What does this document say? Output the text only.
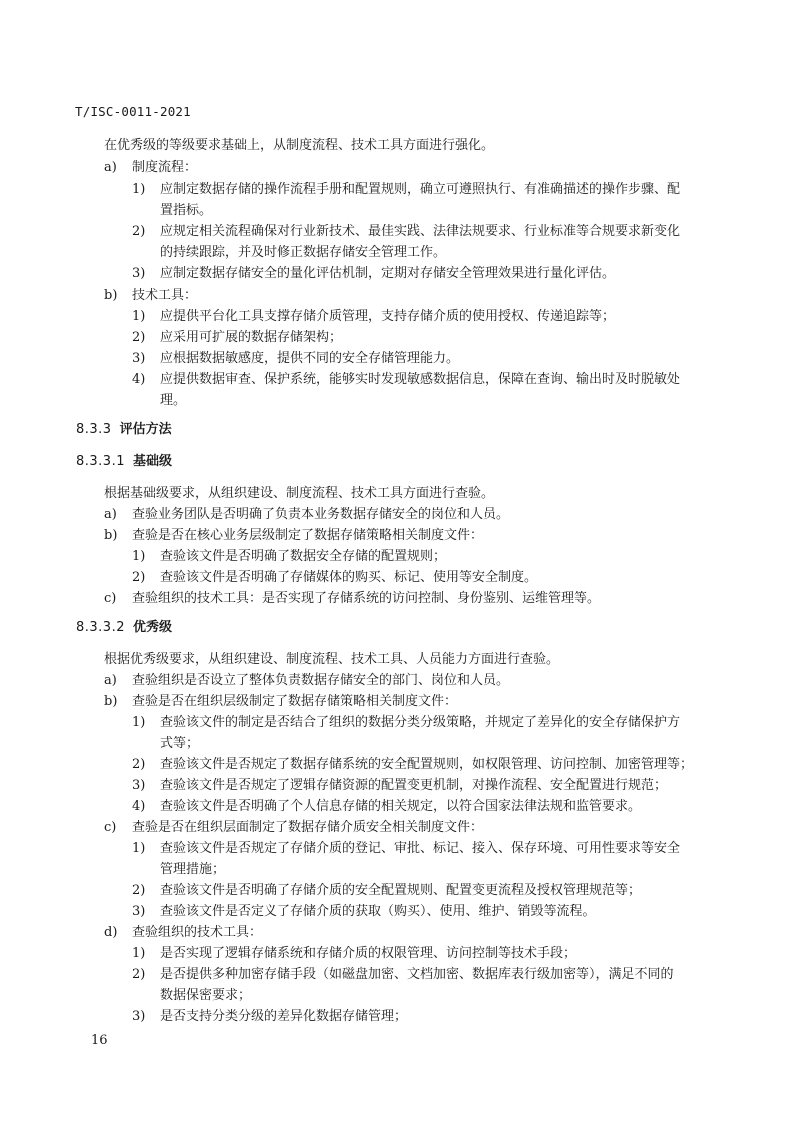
T/ISC-0011-2021
在优秀级的等级要求基础上，从制度流程、技术工具方面进行强化。
a) 制度流程：
1) 应制定数据存储的操作流程手册和配置规则，确立可遵照执行、有准确描述的操作步骤、配
置指标。
2) 应规定相关流程确保对行业新技术、最佳实践、法律法规要求、行业标准等合规要求新变化
的持续跟踪，并及时修正数据存储安全管理工作。
3) 应制定数据存储安全的量化评估机制，定期对存储安全管理效果进行量化评估。
b) 技术工具：
1) 应提供平台化工具支撑存储介质管理，支持存储介质的使用授权、传递追踪等；
2) 应采用可扩展的数据存储架构；
3) 应根据数据敏感度，提供不同的安全存储管理能力。
4) 应提供数据审查、保护系统，能够实时发现敏感数据信息，保障在查询、输出时及时脱敏处
理。
8.3.3 评估方法
8.3.3.1 基础级
根据基础级要求，从组织建设、制度流程、技术工具方面进行查验。
a) 查验业务团队是否明确了负责本业务数据存储安全的岗位和人员。
b) 查验是否在核心业务层级制定了数据存储策略相关制度文件：
1) 查验该文件是否明确了数据安全存储的配置规则；
2) 查验该文件是否明确了存储媒体的购买、标记、使用等安全制度。
c) 查验组织的技术工具：是否实现了存储系统的访问控制、身份鉴别、运维管理等。
8.3.3.2 优秀级
根据优秀级要求，从组织建设、制度流程、技术工具、人员能力方面进行查验。
a) 查验组织是否设立了整体负责数据存储安全的部门、岗位和人员。
b) 查验是否在组织层级制定了数据存储策略相关制度文件：
1) 查验该文件的制定是否结合了组织的数据分类分级策略，并规定了差异化的安全存储保护方
式等；
2) 查验该文件是否规定了数据存储系统的安全配置规则，如权限管理、访问控制、加密管理等；
3) 查验该文件是否规定了逻辑存储资源的配置变更机制，对操作流程、安全配置进行规范；
4) 查验该文件是否明确了个人信息存储的相关规定，以符合国家法律法规和监管要求。
c) 查验是否在组织层面制定了数据存储介质安全相关制度文件：
1) 查验该文件是否规定了存储介质的登记、审批、标记、接入、保存环境、可用性要求等安全
管理措施；
2) 查验该文件是否明确了存储介质的安全配置规则、配置变更流程及授权管理规范等；
3) 查验该文件是否定义了存储介质的获取（购买）、使用、维护、销毁等流程。
d) 查验组织的技术工具：
1) 是否实现了逻辑存储系统和存储介质的权限管理、访问控制等技术手段；
2) 是否提供多种加密存储手段（如磁盘加密、文档加密、数据库表行级加密等），满足不同的
数据保密要求；
3) 是否支持分类分级的差异化数据存储管理；
16
